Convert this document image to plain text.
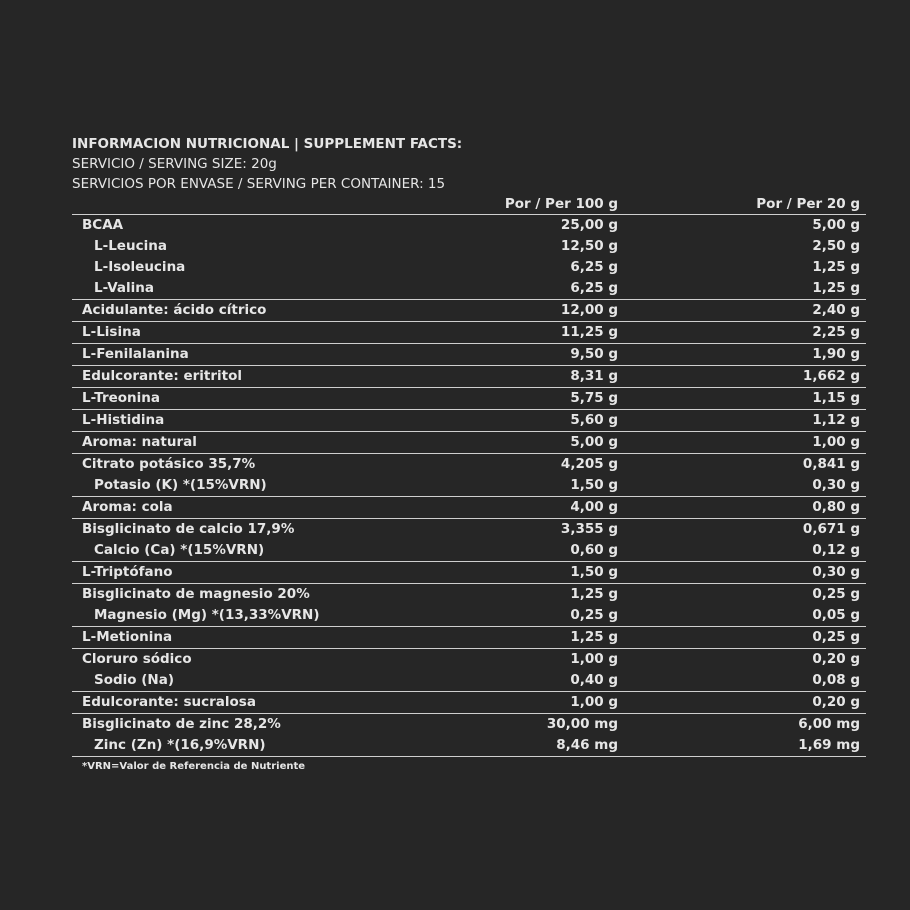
INFORMACION NUTRICIONAL | SUPPLEMENT FACTS:
SERVICIO / SERVING SIZE: 20g
SERVICIOS POR ENVASE / SERVING PER CONTAINER: 15
Por / Per 100 g	Por / Per 20 g
BCAA	25,00 g	5,00 g
L-Leucina	12,50 g	2,50 g
L-Isoleucina	6,25 g	1,25 g
L-Valina	6,25 g	1,25 g
Acidulante: ácido cítrico	12,00 g	2,40 g
L-Lisina	11,25 g	2,25 g
L-Fenilalanina	9,50 g	1,90 g
Edulcorante: eritritol	8,31 g	1,662 g
L-Treonina	5,75 g	1,15 g
L-Histidina	5,60 g	1,12 g
Aroma: natural	5,00 g	1,00 g
Citrato potásico 35,7%	4,205 g	0,841 g
Potasio (K) *(15%VRN)	1,50 g	0,30 g
Aroma: cola	4,00 g	0,80 g
Bisglicinato de calcio 17,9%	3,355 g	0,671 g
Calcio (Ca) *(15%VRN)	0,60 g	0,12 g
L-Triptófano	1,50 g	0,30 g
Bisglicinato de magnesio 20%	1,25 g	0,25 g
Magnesio (Mg) *(13,33%VRN)	0,25 g	0,05 g
L-Metionina	1,25 g	0,25 g
Cloruro sódico	1,00 g	0,20 g
Sodio (Na)	0,40 g	0,08 g
Edulcorante: sucralosa	1,00 g	0,20 g
Bisglicinato de zinc 28,2%	30,00 mg	6,00 mg
Zinc (Zn) *(16,9%VRN)	8,46 mg	1,69 mg
*VRN=Valor de Referencia de Nutriente
